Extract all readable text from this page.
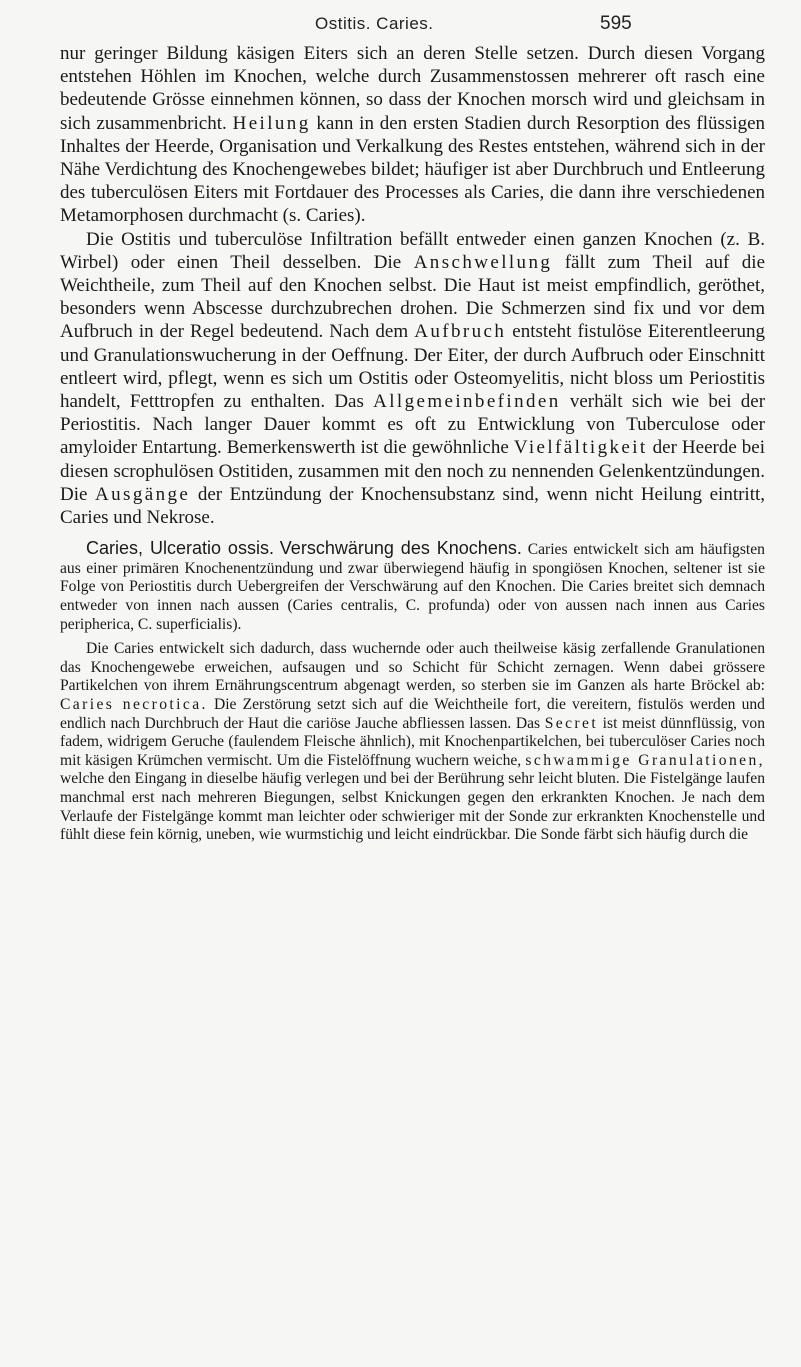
Ostitis. Caries.	595

nur geringer Bildung käsigen Eiters sich an deren Stelle setzen. Durch diesen Vorgang entstehen Höhlen im Knochen, welche durch Zusammenstossen mehrerer oft rasch eine bedeutende Grösse einnehmen können, so dass der Knochen morsch wird und gleichsam in sich zusammenbricht. Heilung kann in den ersten Stadien durch Resorption des flüssigen Inhaltes der Heerde, Organisation und Verkalkung des Restes entstehen, während sich in der Nähe Verdichtung des Knochengewebes bildet; häufiger ist aber Durchbruch und Entleerung des tuberculösen Eiters mit Fortdauer des Processes als Caries, die dann ihre verschiedenen Metamorphosen durchmacht (s. Caries).

Die Ostitis und tuberculöse Infiltration befällt entweder einen ganzen Knochen (z. B. Wirbel) oder einen Theil desselben. Die Anschwellung fällt zum Theil auf die Weichtheile, zum Theil auf den Knochen selbst. Die Haut ist meist empfindlich, geröthet, besonders wenn Abscesse durchzubrechen drohen. Die Schmerzen sind fix und vor dem Aufbruch in der Regel bedeutend. Nach dem Aufbruch entsteht fistulöse Eiterentleerung und Granulationswucherung in der Oeffnung. Der Eiter, der durch Aufbruch oder Einschnitt entleert wird, pflegt, wenn es sich um Ostitis oder Osteomyelitis, nicht bloss um Periostitis handelt, Fetttropfen zu enthalten. Das Allgemeinbefinden verhält sich wie bei der Periostitis. Nach langer Dauer kommt es oft zu Entwicklung von Tuberculose oder amyloider Entartung. Bemerkenswerth ist die gewöhnliche Vielfältigkeit der Heerde bei diesen scrophulösen Ostitiden, zusammen mit den noch zu nennenden Gelenkentzündungen. Die Ausgänge der Entzündung der Knochensubstanz sind, wenn nicht Heilung eintritt, Caries und Nekrose.

Caries, Ulceratio ossis. Verschwärung des Knochens. Caries entwickelt sich am häufigsten aus einer primären Knochenentzündung und zwar überwiegend häufig in spongiösen Knochen, seltener ist sie Folge von Periostitis durch Uebergreifen der Verschwärung auf den Knochen. Die Caries breitet sich demnach entweder von innen nach aussen (Caries centralis, C. profunda) oder von aussen nach innen aus Caries peripherica, C. superficialis).

Die Caries entwickelt sich dadurch, dass wuchernde oder auch theilweise käsig zerfallende Granulationen das Knochengewebe erweichen, aufsaugen und so Schicht für Schicht zernagen. Wenn dabei grössere Partikelchen von ihrem Ernährungscentrum abgenagt werden, so sterben sie im Ganzen als harte Bröckel ab: Caries necrotica. Die Zerstörung setzt sich auf die Weichtheile fort, die vereitern, fistulös werden und endlich nach Durchbruch der Haut die cariöse Jauche abfliessen lassen. Das Secret ist meist dünnflüssig, von fadem, widrigem Geruche (faulendem Fleische ähnlich), mit Knochenpartikelchen, bei tuberculöser Caries noch mit käsigen Krümchen vermischt. Um die Fistelöffnung wuchern weiche, schwammige Granulationen, welche den Eingang in dieselbe häufig verlegen und bei der Berührung sehr leicht bluten. Die Fistelgänge laufen manchmal erst nach mehreren Biegungen, selbst Knickungen gegen den erkrankten Knochen. Je nach dem Verlaufe der Fistelgänge kommt man leichter oder schwieriger mit der Sonde zur erkrankten Knochenstelle und fühlt diese fein körnig, uneben, wie wurmstichig und leicht eindrückbar. Die Sonde färbt sich häufig durch die
